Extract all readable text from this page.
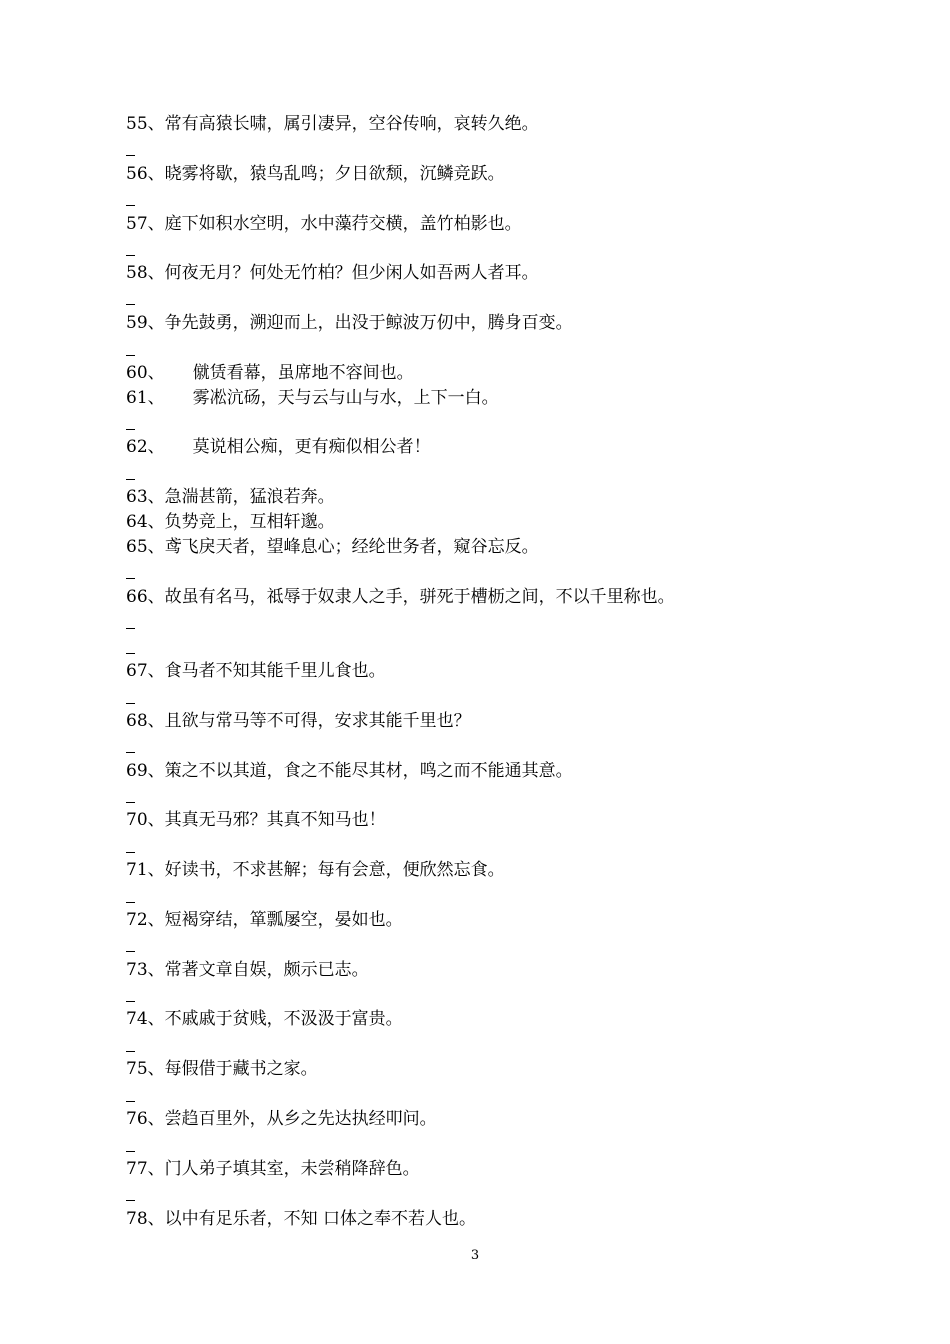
55、常有高猿长啸，属引凄异，空谷传响，哀转久绝。
56、晓雾将歇，猿鸟乱鸣；夕日欲颓，沉鳞竞跃。
57、庭下如积水空明，水中藻荇交横，盖竹柏影也。
58、何夜无月？何处无竹柏？但少闲人如吾两人者耳。
59、争先鼓勇，溯迎而上，出没于鲸波万仞中，腾身百变。
60、 僦赁看幕，虽席地不容间也。
61、 雾凇沆砀，天与云与山与水，上下一白。
62、 莫说相公痴，更有痴似相公者！
63、急湍甚箭，猛浪若奔。
64、负势竞上，互相轩邈。
65、鸢飞戾天者，望峰息心；经纶世务者，窥谷忘反。
66、故虽有名马，祗辱于奴隶人之手，骈死于槽枥之间，不以千里称也。
67、食马者不知其能千里儿食也。
68、且欲与常马等不可得，安求其能千里也？
69、策之不以其道，食之不能尽其材，鸣之而不能通其意。
70、其真无马邪？其真不知马也！
71、好读书，不求甚解；每有会意，便欣然忘食。
72、短褐穿结，箪瓢屡空，晏如也。
73、常著文章自娱，颇示已志。
74、不戚戚于贫贱，不汲汲于富贵。
75、每假借于藏书之家。
76、尝趋百里外，从乡之先达执经叩问。
77、门人弟子填其室，未尝稍降辞色。
78、以中有足乐者，不知 口体之奉不若人也。
3
